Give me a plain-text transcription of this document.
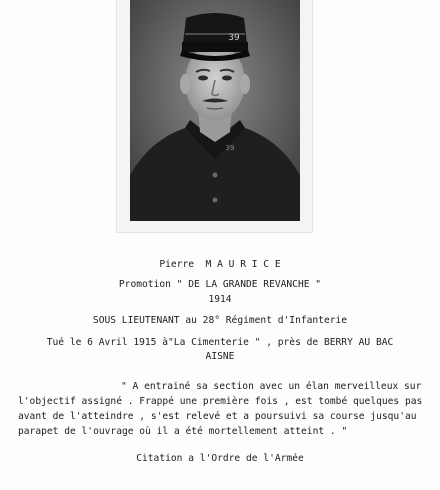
39
39
Pierre  M A U R I C E
Promotion " DE LA GRANDE REVANCHE "
1914
SOUS LIEUTENANT au 28° Régiment d'Infanterie
Tué le 6 Avril 1915 à"La Cimenterie " , près de BERRY AU BAC
AISNE
" A entrainé sa section avec un élan merveilleux sur
l'objectif assigné . Frappé une première fois , est tombé quelques pas
avant de l'atteindre , s'est relevé et a poursuivi sa course jusqu'au
parapet de l'ouvrage où il a été mortellement atteint . "
Citation a l'Ordre de l'Armée
